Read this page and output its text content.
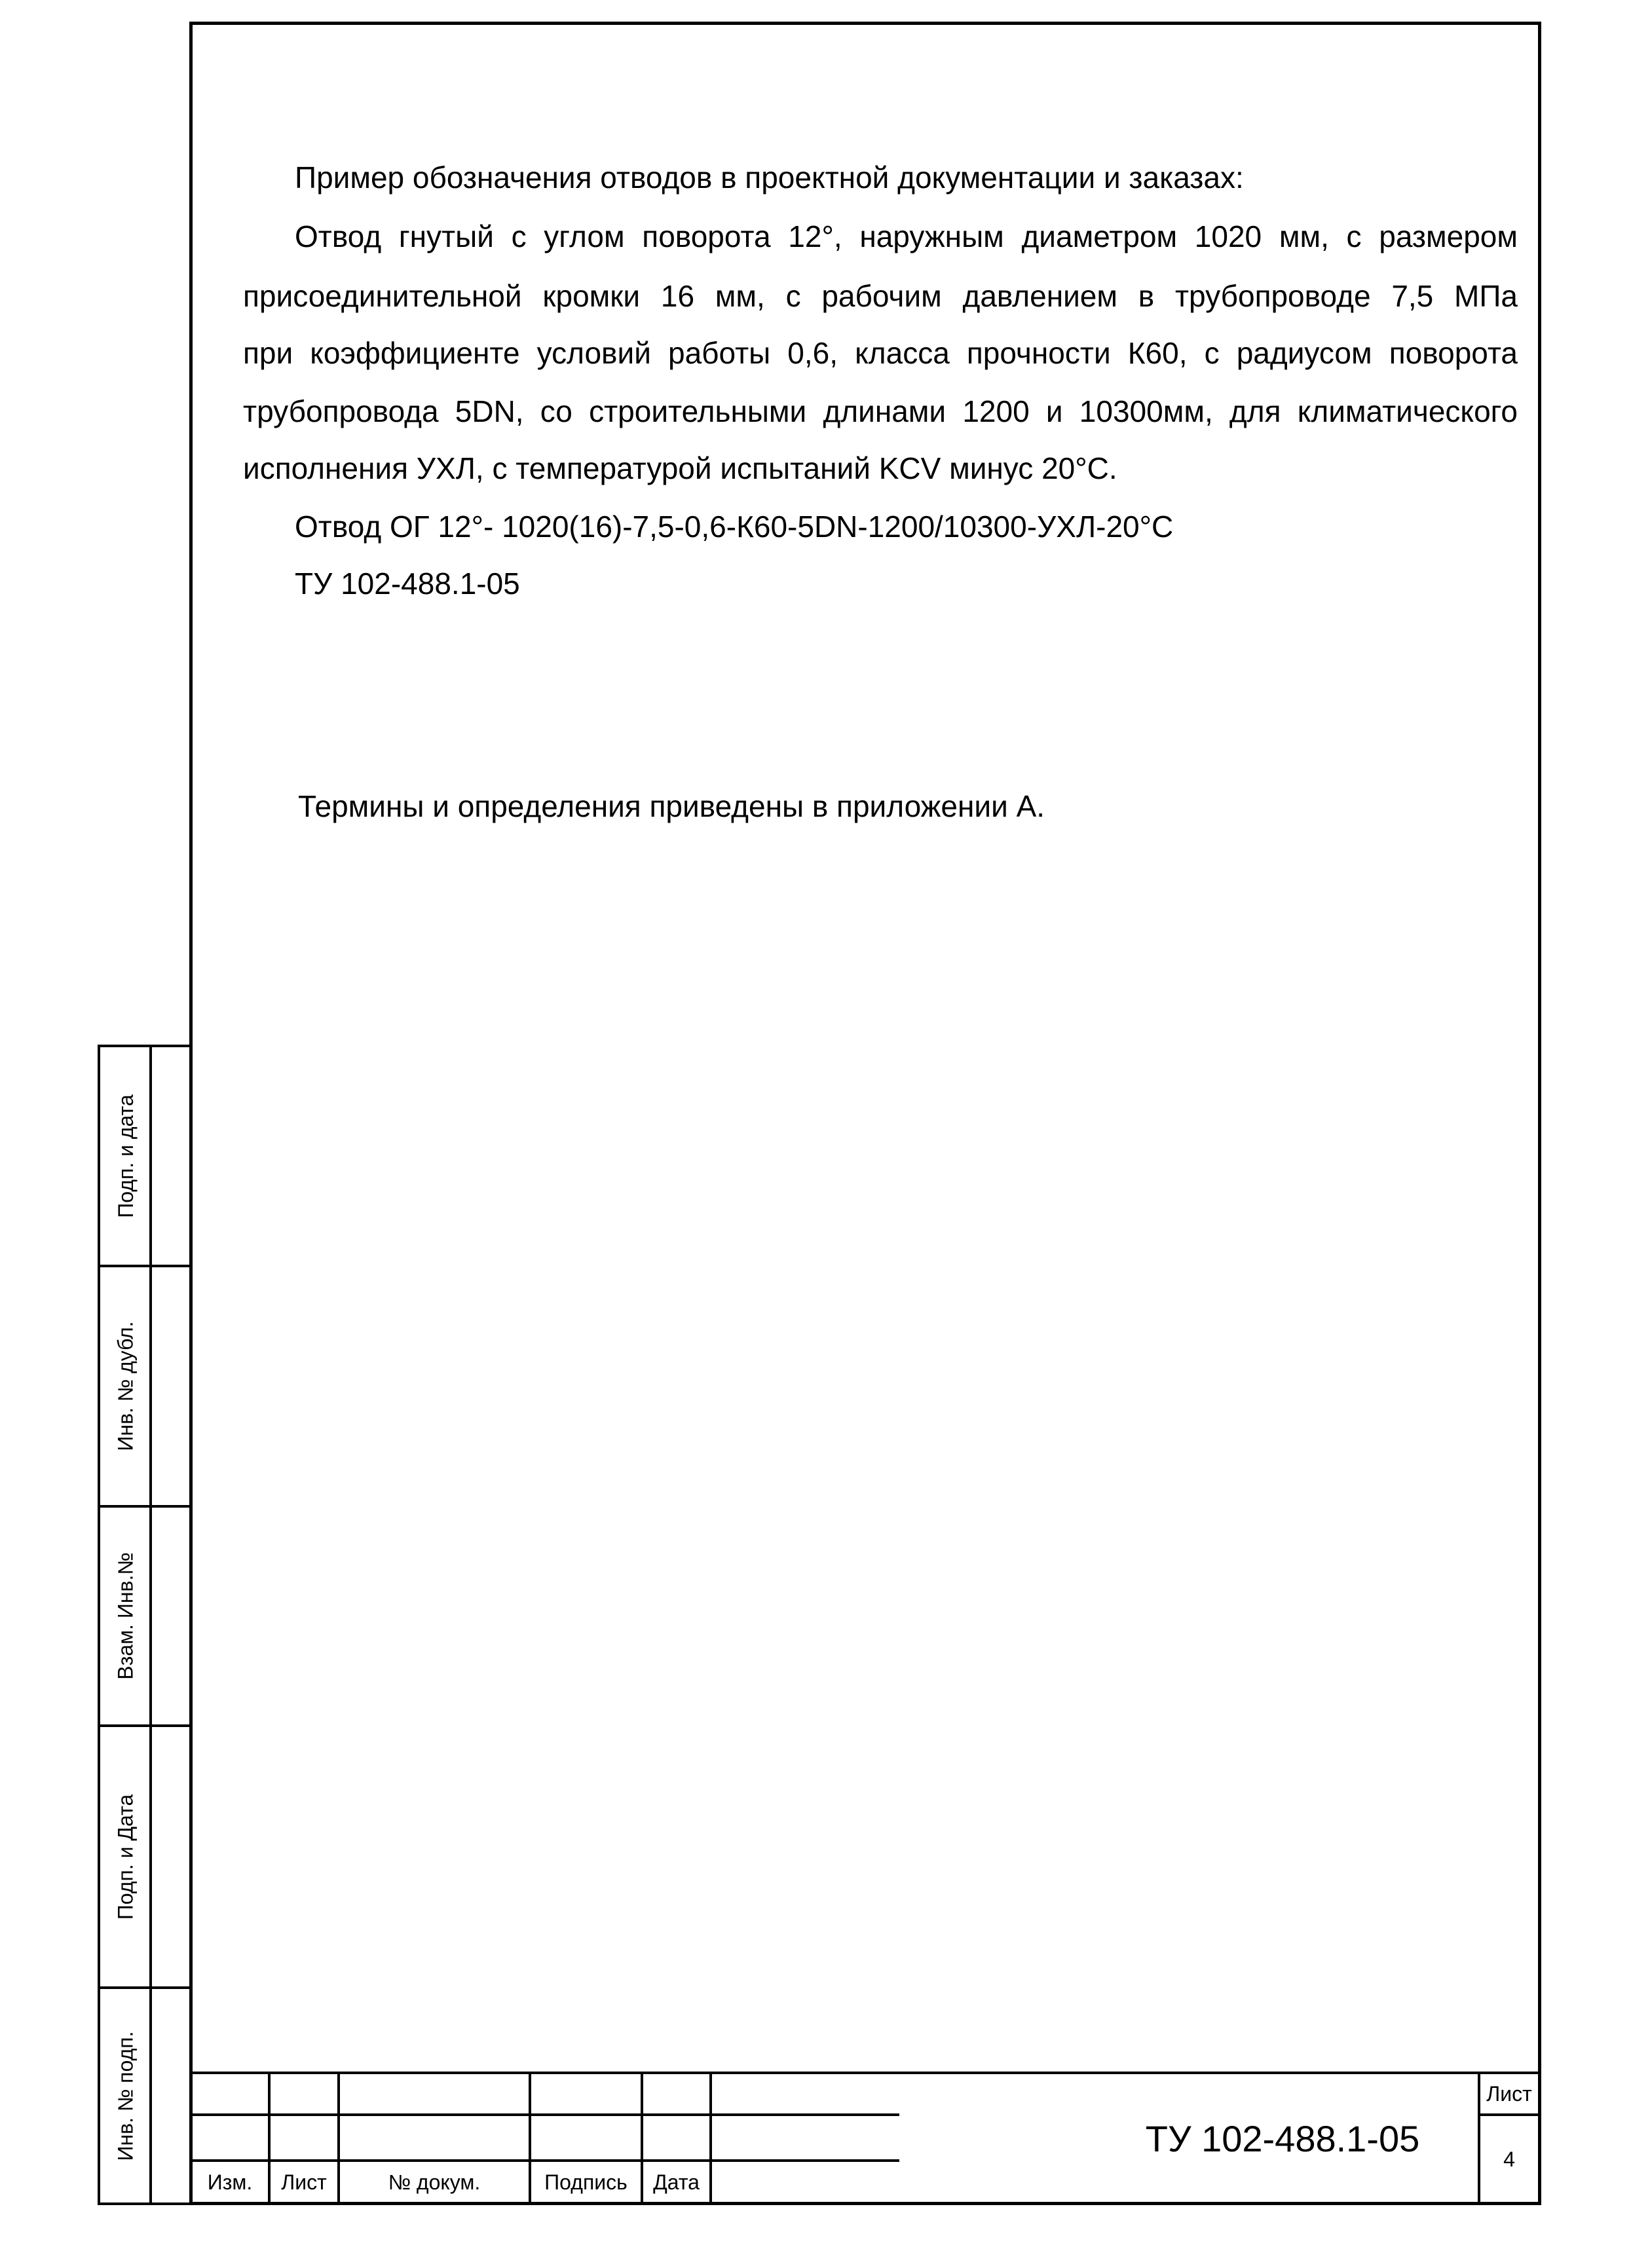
Пример обозначения отводов в проектной документации и заказах:
Отвод гнутый с углом поворота 12°, наружным диаметром 1020 мм, с размером
присоединительной кромки 16 мм, с рабочим давлением в трубопроводе 7,5 МПа
при коэффициенте условий работы 0,6, класса прочности К60, с радиусом поворота
трубопровода 5DN, со строительными длинами 1200 и 10300мм, для климатического
исполнения УХЛ, с температурой испытаний KCV минус 20°C.
Отвод ОГ 12°- 1020(16)-7,5-0,6-К60-5DN-1200/10300-УХЛ-20°C
ТУ 102-488.1-05
Термины и определения приведены в приложении А.
Подп. и дата
Инв. № дубл.
Взам. Инв.№
Подп. и Дата
Инв. № подп.
Изм.	Лист	№ докум.	Подпись	Дата
ТУ 102-488.1-05
Лист
4
